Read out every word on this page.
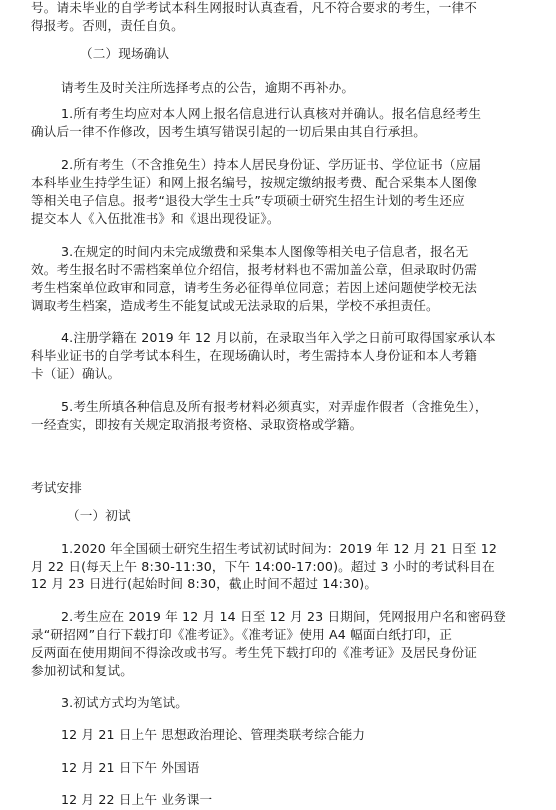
号。请未毕业的自学考试本科生网报时认真查看，凡不符合要求的考生，一律不
得报考。否则，责任自负。
（二）现场确认
请考生及时关注所选择考点的公告，逾期不再补办。
1.所有考生均应对本人网上报名信息进行认真核对并确认。报名信息经考生
确认后一律不作修改，因考生填写错误引起的一切后果由其自行承担。
2.所有考生（不含推免生）持本人居民身份证、学历证书、学位证书（应届
本科毕业生持学生证）和网上报名编号，按规定缴纳报考费、配合采集本人图像
等相关电子信息。报考“退役大学生士兵”专项硕士研究生招生计划的考生还应
提交本人《入伍批准书》和《退出现役证》。
3.在规定的时间内未完成缴费和采集本人图像等相关电子信息者，报名无
效。考生报名时不需档案单位介绍信，报考材料也不需加盖公章，但录取时仍需
考生档案单位政审和同意，请考生务必征得单位同意；若因上述问题使学校无法
调取考生档案，造成考生不能复试或无法录取的后果，学校不承担责任。
4.注册学籍在 2019 年 12 月以前，在录取当年入学之日前可取得国家承认本
科毕业证书的自学考试本科生，在现场确认时，考生需持本人身份证和本人考籍
卡（证）确认。
5.考生所填各种信息及所有报考材料必须真实，对弄虚作假者（含推免生），
一经查实，即按有关规定取消报考资格、录取资格或学籍。
考试安排
（一）初试
1.2020 年全国硕士研究生招生考试初试时间为：2019 年 12 月 21 日至 12
月 22 日(每天上午 8:30-11:30，下午 14:00-17:00)。超过 3 小时的考试科目在
12 月 23 日进行(起始时间 8:30，截止时间不超过 14:30)。
2.考生应在 2019 年 12 月 14 日至 12 月 23 日期间，凭网报用户名和密码登
录“研招网”自行下载打印《准考证》。《准考证》使用 A4 幅面白纸打印，正
反两面在使用期间不得涂改或书写。考生凭下载打印的《准考证》及居民身份证
参加初试和复试。
3.初试方式均为笔试。
12 月 21 日上午 思想政治理论、管理类联考综合能力
12 月 21 日下午 外国语
12 月 22 日上午 业务课一
